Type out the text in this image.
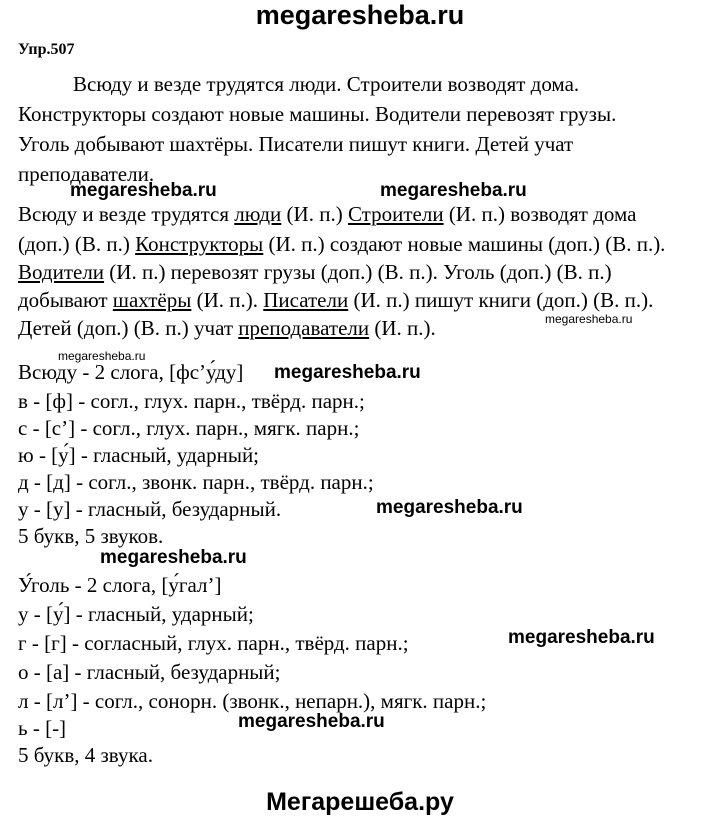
megaresheba.ru
Упр.507
Всюду и везде трудятся люди. Строители возводят дома.
Конструкторы создают новые машины. Водители перевозят грузы.
Уголь добывают шахтёры. Писатели пишут книги. Детей учат
преподаватели.
megaresheba.ru	megaresheba.ru
Всюду и везде трудятся люди (И. п.) Строители (И. п.) возводят дома
(доп.) (В. п.) Конструкторы (И. п.) создают новые машины (доп.) (В. п.).
Водители (И. п.) перевозят грузы (доп.) (В. п.). Уголь (доп.) (В. п.)
добывают шахтёры (И. п.). Писатели (И. п.) пишут книги (доп.) (В. п.).
Детей (доп.) (В. п.) учат преподаватели (И. п.).	megaresheba.ru
megaresheba.ru
Всюду - 2 слога, [фс’у́ду] megaresheba.ru
в - [ф] - согл., глух. парн., твёрд. парн.;
с - [с’] - согл., глух. парн., мягк. парн.;
ю - [у́] - гласный, ударный;
д - [д] - согл., звонк. парн., твёрд. парн.;
у - [у] - гласный, безударный.	megaresheba.ru
5 букв, 5 звуков.
megaresheba.ru
У́голь - 2 слога, [у́гал’]
у - [у́] - гласный, ударный;
г - [г] - согласный, глух. парн., твёрд. парн.;	megaresheba.ru
о - [а] - гласный, безударный;
л - [л’] - согл., сонорн. (звонк., непарн.), мягк. парн.;
ь - [-]	megaresheba.ru
5 букв, 4 звука.
Мегарешеба.ру
